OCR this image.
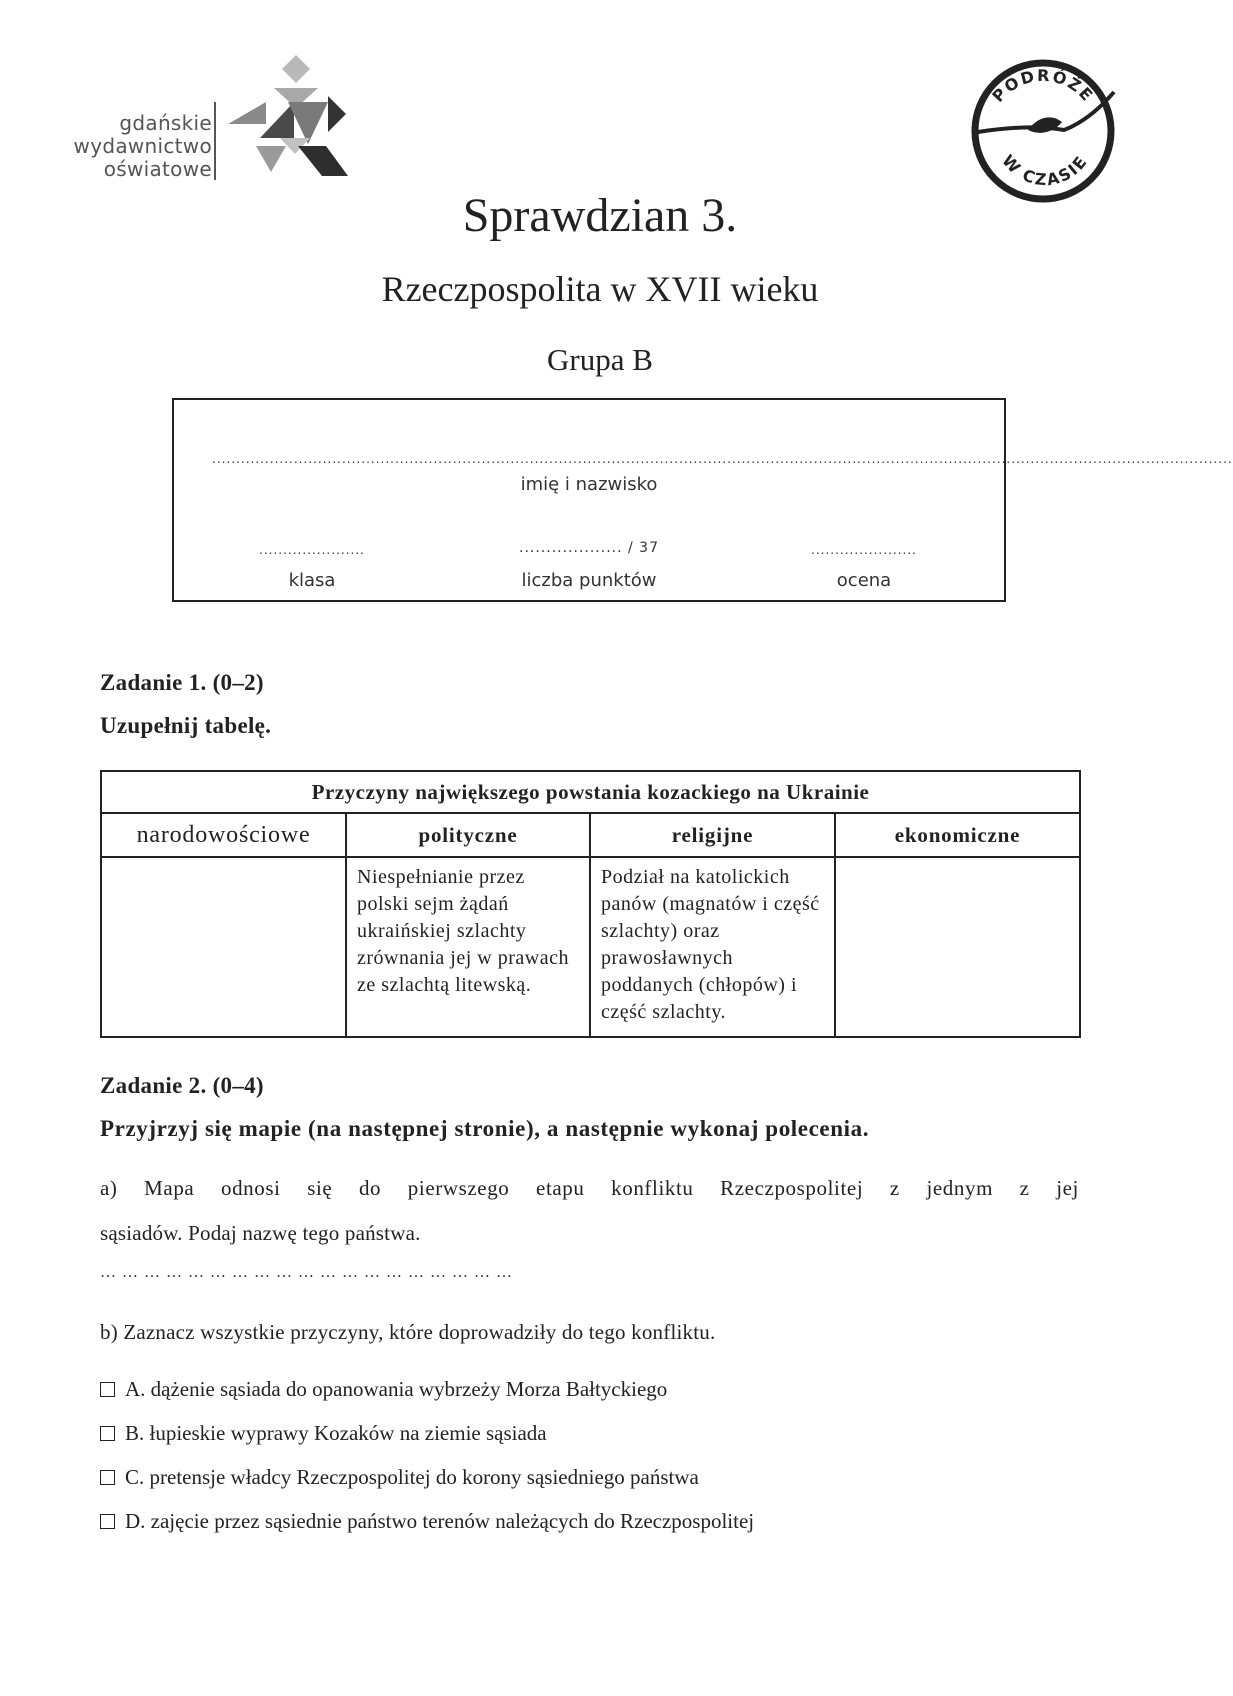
gdańskie
wydawnictwo
oświatowe
PODRÓŻE
W CZASIE
Sprawdzian 3.
Rzeczpospolita w XVII wieku
Grupa B
....................................................................................................................................................................................................................
imię i nazwisko
......................
klasa
................... / 37
liczba punktów
......................
ocena
Zadanie 1. (0–2)
Uzupełnij tabelę.
Przyczyny największego powstania kozackiego na Ukrainie			
narodowościowe	polityczne	religijne	ekonomiczne
	Niespełnianie przez polski sejm żądań ukraińskiej szlachty zrównania jej w prawach ze szlachtą litewską.	Podział na katolickich panów (magnatów i część szlachty) oraz prawosławnych poddanych (chłopów) i część szlachty.	
Zadanie 2. (0–4)
Przyjrzyj się mapie (na następnej stronie), a następnie wykonaj polecenia.
a) Mapa odnosi się do pierwszego etapu konfliktu Rzeczpospolitej z jednym z jej
sąsiadów. Podaj nazwę tego państwa.
… … … … … … … … … … … … … … … … … … …
b) Zaznacz wszystkie przyczyny, które doprowadziły do tego konfliktu.
A. dążenie sąsiada do opanowania wybrzeży Morza Bałtyckiego
B. łupieskie wyprawy Kozaków na ziemie sąsiada
C. pretensje władcy Rzeczpospolitej do korony sąsiedniego państwa
D. zajęcie przez sąsiednie państwo terenów należących do Rzeczpospolitej
